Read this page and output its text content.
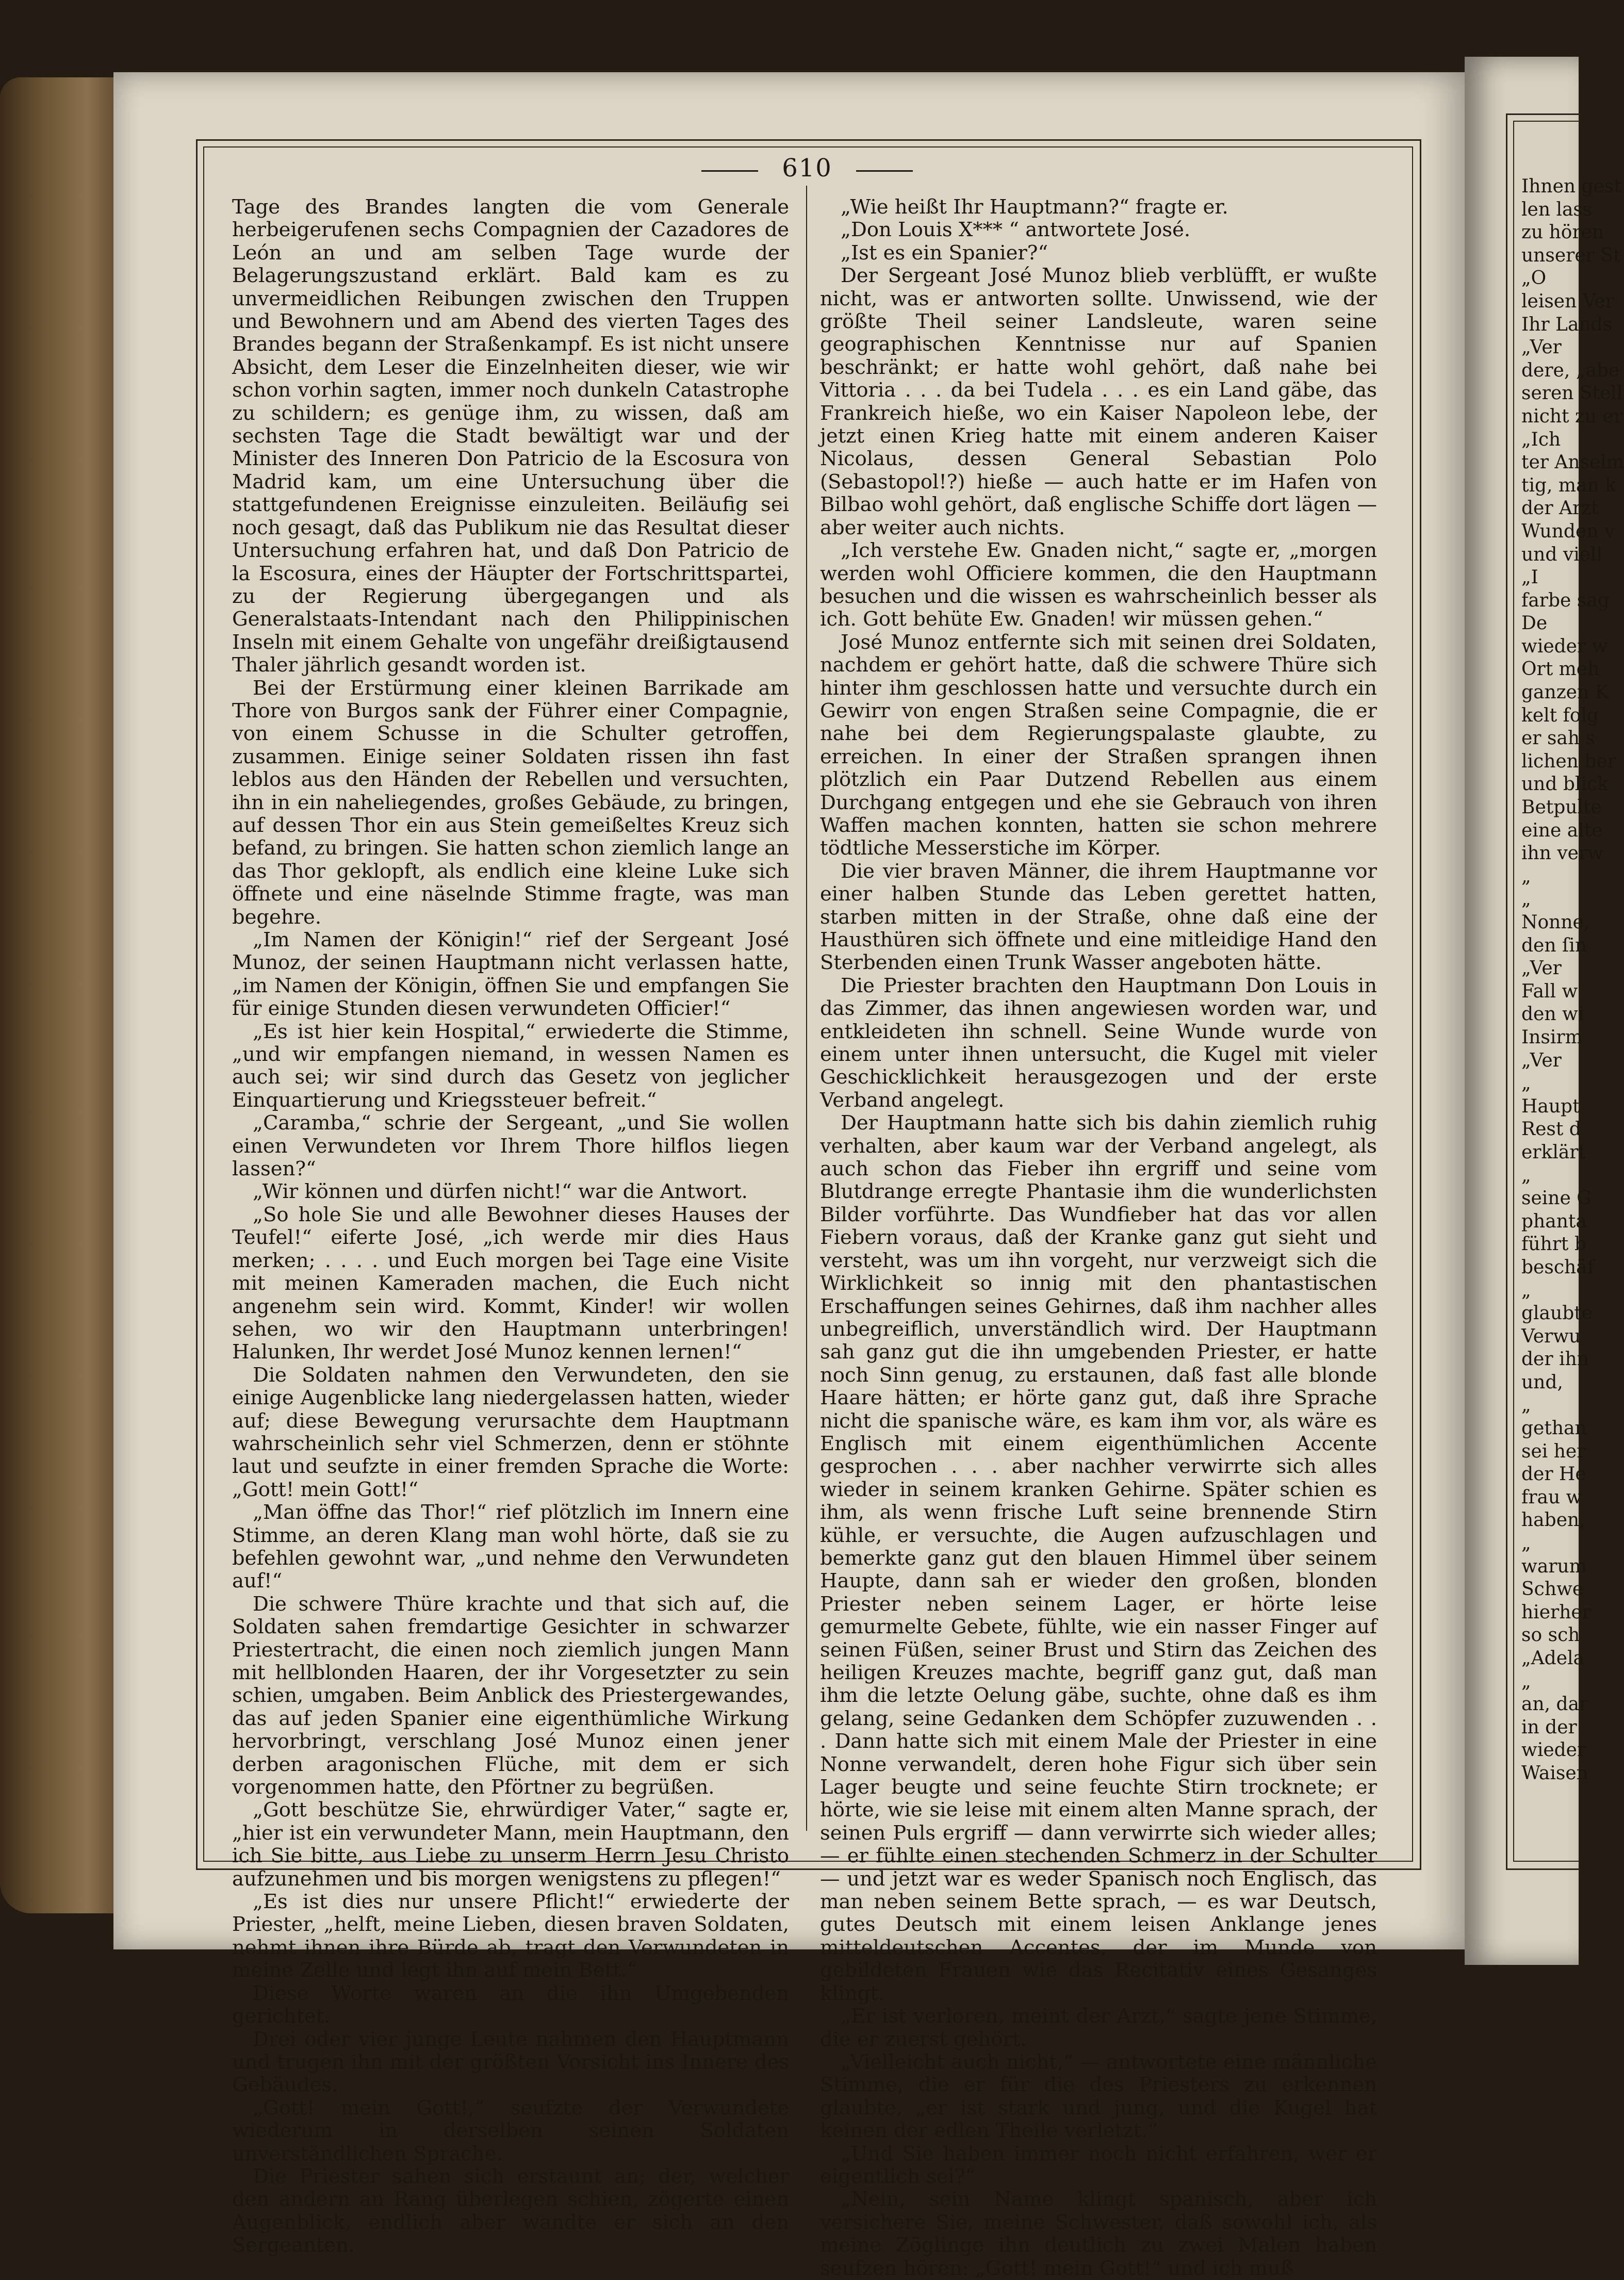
610

Tage des Brandes langten die vom Generale herbeigerufenen sechs Compagnien der Cazadores de León an und am selben Tage wurde der Belagerungszustand erklärt. Bald kam es zu unvermeidlichen Reibungen zwischen den Truppen und Bewohnern und am Abend des vierten Tages des Brandes begann der Straßenkampf. Es ist nicht unsere Absicht, dem Leser die Einzelnheiten dieser, wie wir schon vorhin sagten, immer noch dunkeln Catastrophe zu schildern; es genüge ihm, zu wissen, daß am sechsten Tage die Stadt bewältigt war und der Minister des Inneren Don Patricio de la Escosura von Madrid kam, um eine Untersuchung über die stattgefundenen Ereignisse einzuleiten. Beiläufig sei noch gesagt, daß das Publikum nie das Resultat dieser Untersuchung erfahren hat, und daß Don Patricio de la Escosura, eines der Häupter der Fortschrittspartei, zu der Regierung übergegangen und als Generalstaats-Intendant nach den Philippinischen Inseln mit einem Gehalte von ungefähr dreißigtausend Thaler jährlich gesandt worden ist.

Bei der Erstürmung einer kleinen Barrikade am Thore von Burgos sank der Führer einer Compagnie, von einem Schusse in die Schulter getroffen, zusammen. Einige seiner Soldaten rissen ihn fast leblos aus den Händen der Rebellen und versuchten, ihn in ein naheliegendes, großes Gebäude, zu bringen, auf dessen Thor ein aus Stein gemeißeltes Kreuz sich befand, zu bringen. Sie hatten schon ziemlich lange an das Thor geklopft, als endlich eine kleine Luke sich öffnete und eine näselnde Stimme fragte, was man begehre.

„Im Namen der Königin!“ rief der Sergeant José Munoz, der seinen Hauptmann nicht verlassen hatte, „im Namen der Königin, öffnen Sie und empfangen Sie für einige Stunden diesen verwundeten Officier!“

„Es ist hier kein Hospital,“ erwiederte die Stimme, „und wir empfangen niemand, in wessen Namen es auch sei; wir sind durch das Gesetz von jeglicher Einquartierung und Kriegssteuer befreit.“

„Caramba,“ schrie der Sergeant, „und Sie wollen einen Verwundeten vor Ihrem Thore hilflos liegen lassen?“

„Wir können und dürfen nicht!“ war die Antwort.

„So hole Sie und alle Bewohner dieses Hauses der Teufel!“ eiferte José, „ich werde mir dies Haus merken; . . . . und Euch morgen bei Tage eine Visite mit meinen Kameraden machen, die Euch nicht angenehm sein wird. Kommt, Kinder! wir wollen sehen, wo wir den Hauptmann unterbringen! Halunken, Ihr werdet José Munoz kennen lernen!“

Die Soldaten nahmen den Verwundeten, den sie einige Augenblicke lang niedergelassen hatten, wieder auf; diese Bewegung verursachte dem Hauptmann wahrscheinlich sehr viel Schmerzen, denn er stöhnte laut und seufzte in einer fremden Sprache die Worte: „Gott! mein Gott!“

„Man öffne das Thor!“ rief plötzlich im Innern eine Stimme, an deren Klang man wohl hörte, daß sie zu befehlen gewohnt war, „und nehme den Verwundeten auf!“

Die schwere Thüre krachte und that sich auf, die Soldaten sahen fremdartige Gesichter in schwarzer Priestertracht, die einen noch ziemlich jungen Mann mit hellblonden Haaren, der ihr Vorgesetzter zu sein schien, umgaben. Beim Anblick des Priestergewandes, das auf jeden Spanier eine eigenthümliche Wirkung hervorbringt, verschlang José Munoz einen jener derben aragonischen Flüche, mit dem er sich vorgenommen hatte, den Pförtner zu begrüßen.

„Gott beschütze Sie, ehrwürdiger Vater,“ sagte er, „hier ist ein verwundeter Mann, mein Hauptmann, den ich Sie bitte, aus Liebe zu unserm Herrn Jesu Christo aufzunehmen und bis morgen wenigstens zu pflegen!“

„Es ist dies nur unsere Pflicht!“ erwiederte der Priester, „helft, meine Lieben, diesen braven Soldaten, nehmt ihnen ihre Bürde ab, tragt den Verwundeten in meine Zelle und legt ihn auf mein Bett.“

Diese Worte waren an die ihn Umgebenden gerichtet.

Drei oder vier junge Leute nahmen den Hauptmann und trugen ihn mit der größten Vorsicht ins Innere des Gebäudes.

„Gott! mein Gott!,“ seufzte der Verwundete wiederum in derselben seinen Soldaten unverständlichen Sprache.

Die Priester sahen sich erstaunt an; der, welcher den andern an Rang überlegen schien, zögerte einen Augenblick, endlich aber wandte er sich an den Sergeanten.

„Wie heißt Ihr Hauptmann?“ fragte er.

„Don Louis X*** “ antwortete José.

„Ist es ein Spanier?“

Der Sergeant José Munoz blieb verblüfft, er wußte nicht, was er antworten sollte. Unwissend, wie der größte Theil seiner Landsleute, waren seine geographischen Kenntnisse nur auf Spanien beschränkt; er hatte wohl gehört, daß nahe bei Vittoria . . . da bei Tudela . . . es ein Land gäbe, das Frankreich hieße, wo ein Kaiser Napoleon lebe, der jetzt einen Krieg hatte mit einem anderen Kaiser Nicolaus, dessen General Sebastian Polo (Sebastopol!?) hieße — auch hatte er im Hafen von Bilbao wohl gehört, daß englische Schiffe dort lägen — aber weiter auch nichts.

„Ich verstehe Ew. Gnaden nicht,“ sagte er, „morgen werden wohl Officiere kommen, die den Hauptmann besuchen und die wissen es wahrscheinlich besser als ich. Gott behüte Ew. Gnaden! wir müssen gehen.“

José Munoz entfernte sich mit seinen drei Soldaten, nachdem er gehört hatte, daß die schwere Thüre sich hinter ihm geschlossen hatte und versuchte durch ein Gewirr von engen Straßen seine Compagnie, die er nahe bei dem Regierungspalaste glaubte, zu erreichen. In einer der Straßen sprangen ihnen plötzlich ein Paar Dutzend Rebellen aus einem Durchgang entgegen und ehe sie Gebrauch von ihren Waffen machen konnten, hatten sie schon mehrere tödtliche Messerstiche im Körper.

Die vier braven Männer, die ihrem Hauptmanne vor einer halben Stunde das Leben gerettet hatten, starben mitten in der Straße, ohne daß eine der Hausthüren sich öffnete und eine mitleidige Hand den Sterbenden einen Trunk Wasser angeboten hätte.

Die Priester brachten den Hauptmann Don Louis in das Zimmer, das ihnen angewiesen worden war, und entkleideten ihn schnell. Seine Wunde wurde von einem unter ihnen untersucht, die Kugel mit vieler Geschicklichkeit herausgezogen und der erste Verband angelegt.

Der Hauptmann hatte sich bis dahin ziemlich ruhig verhalten, aber kaum war der Verband angelegt, als auch schon das Fieber ihn ergriff und seine vom Blutdrange erregte Phantasie ihm die wunderlichsten Bilder vorführte. Das Wundfieber hat das vor allen Fiebern voraus, daß der Kranke ganz gut sieht und versteht, was um ihn vorgeht, nur verzweigt sich die Wirklichkeit so innig mit den phantastischen Erschaffungen seines Gehirnes, daß ihm nachher alles unbegreiflich, unverständlich wird. Der Hauptmann sah ganz gut die ihn umgebenden Priester, er hatte noch Sinn genug, zu erstaunen, daß fast alle blonde Haare hätten; er hörte ganz gut, daß ihre Sprache nicht die spanische wäre, es kam ihm vor, als wäre es Englisch mit einem eigenthümlichen Accente gesprochen . . . aber nachher verwirrte sich alles wieder in seinem kranken Gehirne. Später schien es ihm, als wenn frische Luft seine brennende Stirn kühle, er versuchte, die Augen aufzuschlagen und bemerkte ganz gut den blauen Himmel über seinem Haupte, dann sah er wieder den großen, blonden Priester neben seinem Lager, er hörte leise gemurmelte Gebete, fühlte, wie ein nasser Finger auf seinen Füßen, seiner Brust und Stirn das Zeichen des heiligen Kreuzes machte, begriff ganz gut, daß man ihm die letzte Oelung gäbe, suchte, ohne daß es ihm gelang, seine Gedanken dem Schöpfer zuzuwenden . . . Dann hatte sich mit einem Male der Priester in eine Nonne verwandelt, deren hohe Figur sich über sein Lager beugte und seine feuchte Stirn trocknete; er hörte, wie sie leise mit einem alten Manne sprach, der seinen Puls ergriff — dann verwirrte sich wieder alles; — er fühlte einen stechenden Schmerz in der Schulter — und jetzt war es weder Spanisch noch Englisch, das man neben seinem Bette sprach, — es war Deutsch, gutes Deutsch mit einem leisen Anklange jenes mitteldeutschen Accentes, der im Munde von gebildeten Frauen wie das Recitativ eines Gesanges klingt.

„Er ist verloren, meint der Arzt,“ sagte jene Stimme, die er zuerst gehört.

„Vielleicht auch nicht,“ — antwortete eine männliche Stimme, die er für die des Priesters zu erkennen glaubte, „er ist stark und jung, und die Kugel hat keinen der edlen Theile verletzt.“

„Und Sie haben immer noch nicht erfahren, wer er eigentlich sei?“

„Nein, sein Name klingt spanisch, aber ich versichere Sie, meine Schwester, daß sowohl ich, als meine Zöglinge ihn deutlich zu zwei Malen haben seufzen hören: „Gott! mein Gott!“ und ich muß

Ihnen gest
len lass
zu hören
unserer St
„O
leisen Ver
Ihr Lands
„Ver
dere, „abe
seren Stell
nicht zu er
„Ich
ter Anselm
tig, man k
der Arzt
Wunden v
und viell
„I
farbe sag
De
wieder w
Ort meh
ganzen K
kelt folg
er sah s
lichen ber
und blick
Betpulte
eine alte
ihn verw
„
„
Nonne,
den ſin
„Ver
Fall w
den wi
Insirm
„Ver
„
Haupt
Rest d
erklärt
„
seine G
phanta
führt b
beschäf
„
glaubte
Verwu
der ihn
und,
„
gethan
sei her
der He
frau w
haben,
„
warum
Schwe
hierher
so sch
„Adela
„
an, dar
in der
wieder
Waisen
